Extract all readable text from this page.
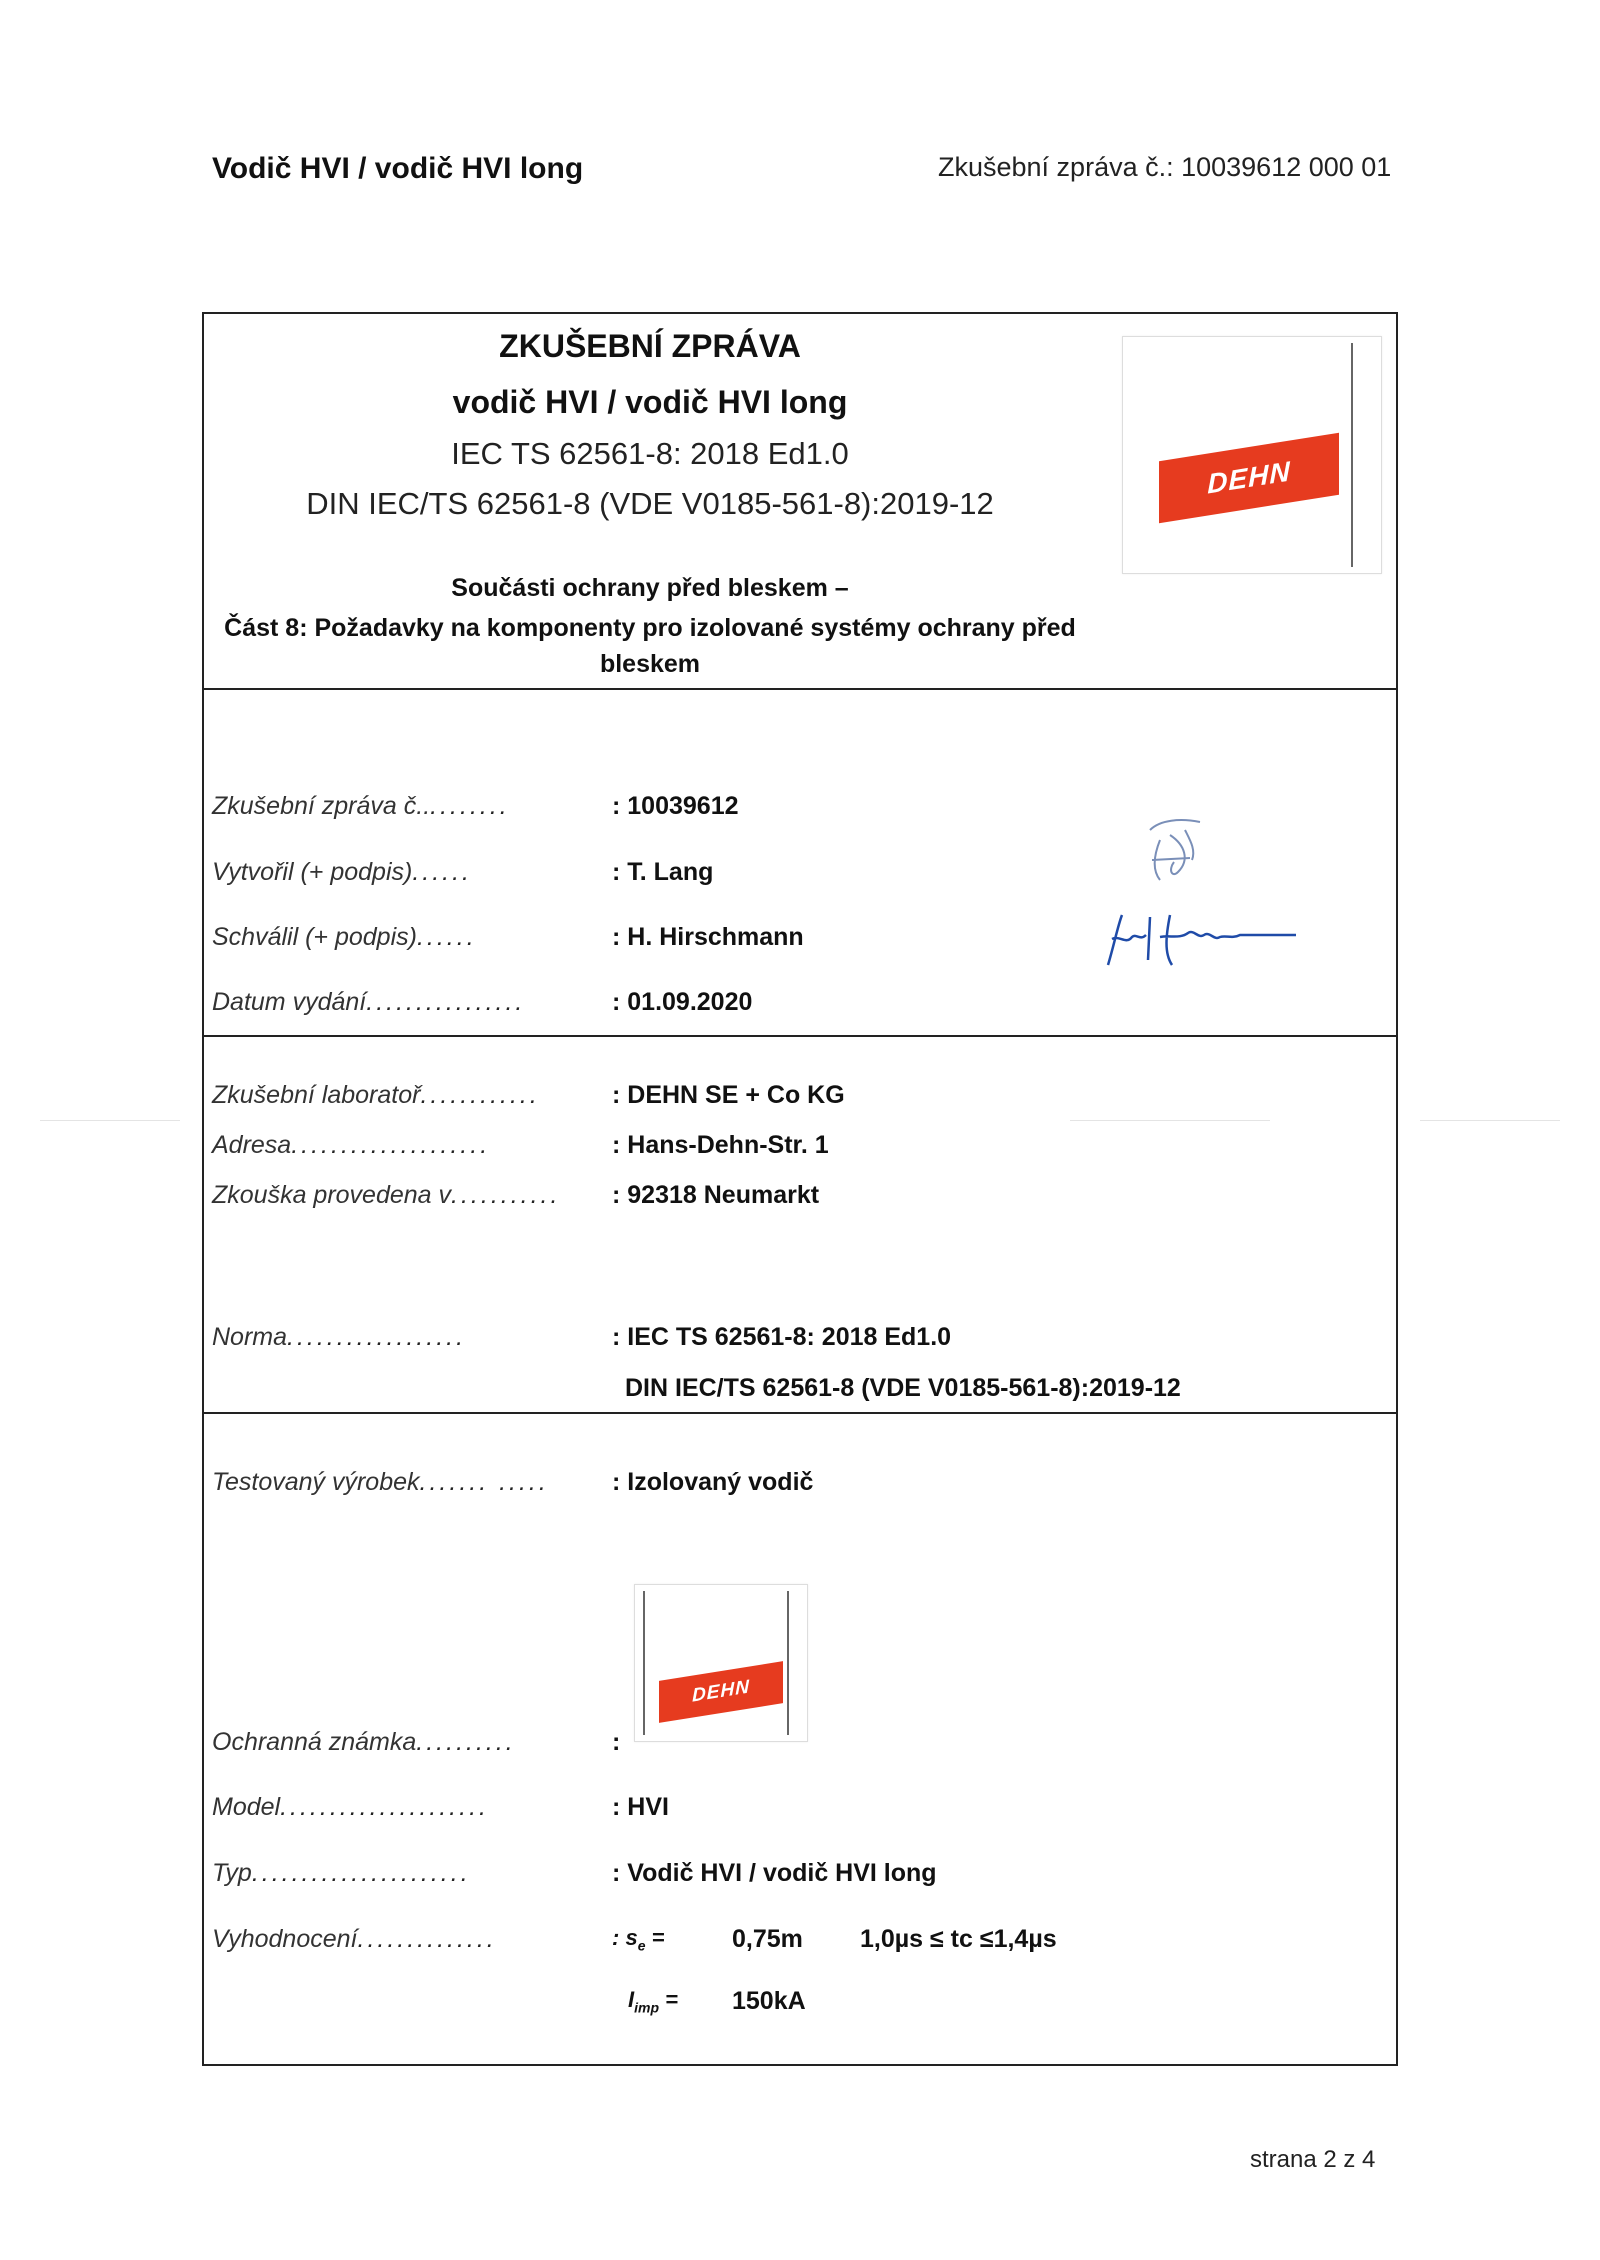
Vodič HVI / vodič HVI long	Zkušební zpráva č.: 10039612 000 01
ZKUŠEBNÍ ZPRÁVA
vodič HVI / vodič HVI long
IEC TS 62561-8: 2018 Ed1.0
DIN IEC/TS 62561-8 (VDE V0185-561-8):2019-12
Součásti ochrany před bleskem –
Část 8: Požadavky na komponenty pro izolované systémy ochrany před
bleskem
DEHN
Zkušební zpráva č..........	: 10039612
Vytvořil (+ podpis)......	: T. Lang
Schválil (+ podpis)......	: H. Hirschmann
Datum vydání................	: 01.09.2020
Zkušební laboratoř............	: DEHN SE + Co KG
Adresa....................	: Hans-Dehn-Str. 1
Zkouška provedena v........... : 92318 Neumarkt
Norma..................	: IEC TS 62561-8: 2018 Ed1.0
DIN IEC/TS 62561-8 (VDE V0185-561-8):2019-12
Testovaný výrobek....... .....	: Izolovaný vodič
DEHN
Ochranná známka..........	:
Model.....................	: HVI
Typ......................	: Vodič HVI / vodič HVI long
Vyhodnocení..............	: $s_e$ =	0,75m 1,0µs ≤ tc ≤1,4µs
$I_{imp} = 150kA$
strana 2 z 4
